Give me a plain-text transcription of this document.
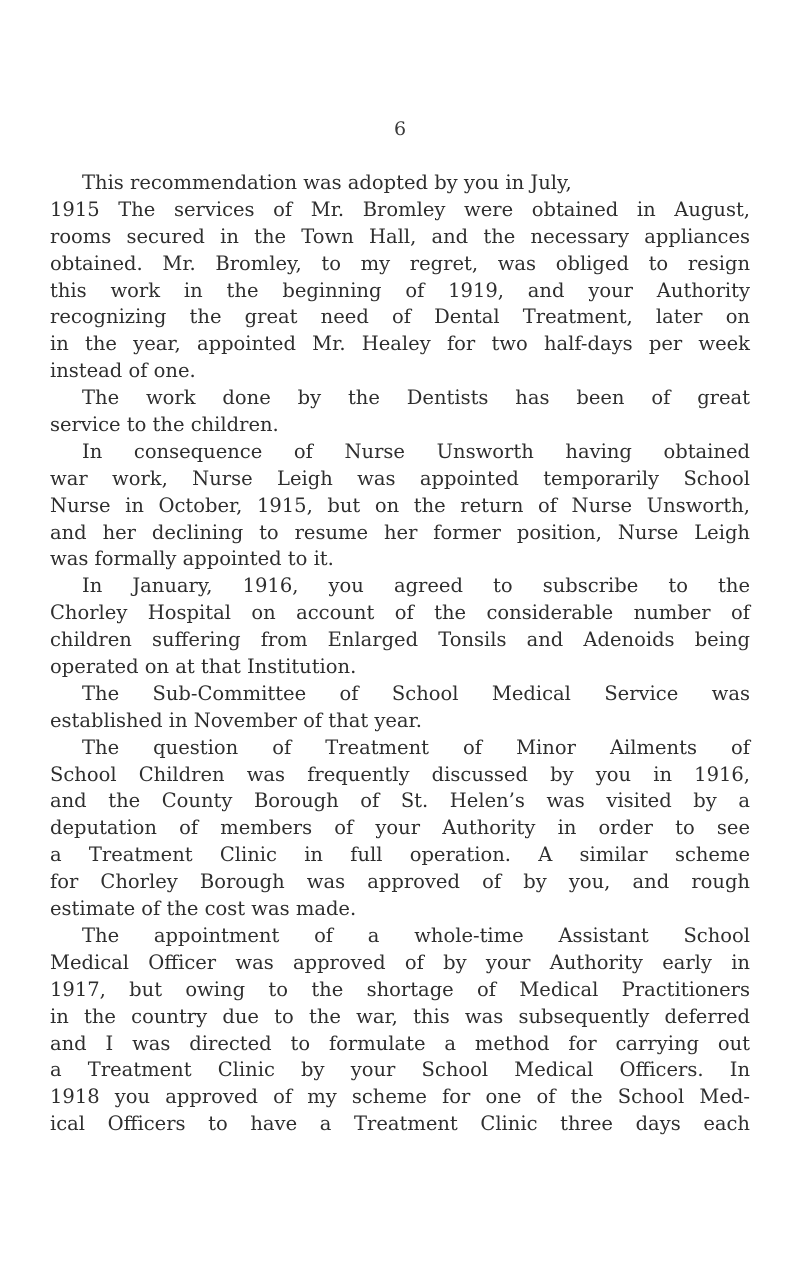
6
This recommendation was adopted by you in July,
1915 The services of Mr. Bromley were obtained in August,
rooms secured in the Town Hall, and the necessary appliances
obtained. Mr. Bromley, to my regret, was obliged to resign
this work in the beginning of 1919, and your Authority
recognizing the great need of Dental Treatment, later on
in the year, appointed Mr. Healey for two half-days per week
instead of one.
The work done by the Dentists has been of great
service to the children.
In consequence of Nurse Unsworth having obtained
war work, Nurse Leigh was appointed temporarily School
Nurse in October, 1915, but on the return of Nurse Unsworth,
and her declining to resume her former position, Nurse Leigh
was formally appointed to it.
In January, 1916, you agreed to subscribe to the
Chorley Hospital on account of the considerable number of
children suffering from Enlarged Tonsils and Adenoids being
operated on at that Institution.
The Sub-Committee of School Medical Service was
established in November of that year.
The question of Treatment of Minor Ailments of
School Children was frequently discussed by you in 1916,
and the County Borough of St. Helen’s was visited by a
deputation of members of your Authority in order to see
a Treatment Clinic in full operation. A similar scheme
for Chorley Borough was approved of by you, and rough
estimate of the cost was made.
The appointment of a whole-time Assistant School
Medical Officer was approved of by your Authority early in
1917, but owing to the shortage of Medical Practitioners
in the country due to the war, this was subsequently deferred
and I was directed to formulate a method for carrying out
a Treatment Clinic by your School Medical Officers. In
1918 you approved of my scheme for one of the School Med-
ical Officers to have a Treatment Clinic three days each
